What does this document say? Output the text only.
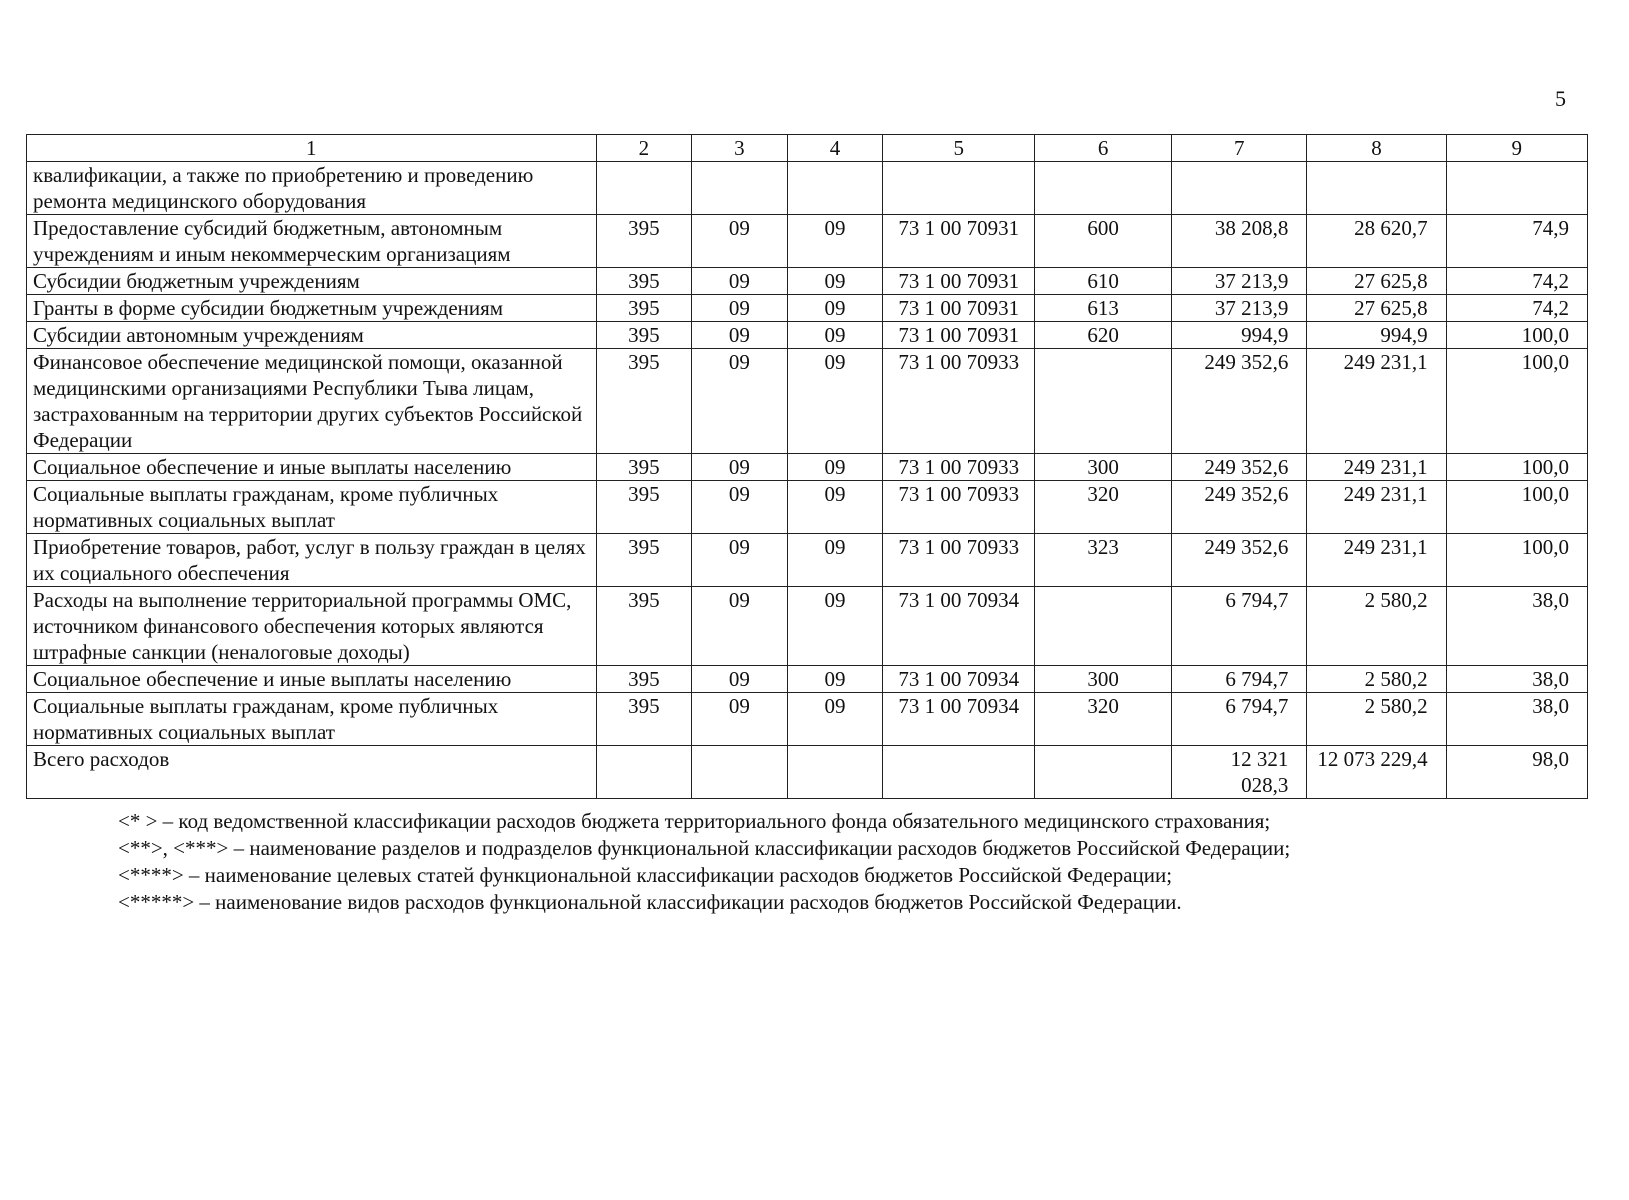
5
1	2	3	4	5	6	7	8	9
квалификации, а также по приобретению и проведению ремонта медицинского оборудования								
Предоставление субсидий бюджетным, автономным учреждениям и иным некоммерческим организациям	395	09	09	73 1 00 70931	600	38 208,8	28 620,7	74,9
Субсидии бюджетным учреждениям	395	09	09	73 1 00 70931	610	37 213,9	27 625,8	74,2
Гранты в форме субсидии бюджетным учреждениям	395	09	09	73 1 00 70931	613	37 213,9	27 625,8	74,2
Субсидии автономным учреждениям	395	09	09	73 1 00 70931	620	994,9	994,9	100,0
Финансовое обеспечение медицинской помощи, оказанной медицинскими организациями Республики Тыва лицам, застрахованным на территории других субъектов Российской Федерации	395	09	09	73 1 00 70933		249 352,6	249 231,1	100,0
Социальное обеспечение и иные выплаты населению	395	09	09	73 1 00 70933	300	249 352,6	249 231,1	100,0
Социальные выплаты гражданам, кроме публичных нормативных социальных выплат	395	09	09	73 1 00 70933	320	249 352,6	249 231,1	100,0
Приобретение товаров, работ, услуг в пользу граждан в целях их социального обеспечения	395	09	09	73 1 00 70933	323	249 352,6	249 231,1	100,0
Расходы на выполнение территориальной программы ОМС, источником финансового обеспечения которых являются штрафные санкции (неналоговые доходы)	395	09	09	73 1 00 70934		6 794,7	2 580,2	38,0
Социальное обеспечение и иные выплаты населению	395	09	09	73 1 00 70934	300	6 794,7	2 580,2	38,0
Социальные выплаты гражданам, кроме публичных нормативных социальных выплат	395	09	09	73 1 00 70934	320	6 794,7	2 580,2	38,0
Всего расходов						12 321 028,3	12 073 229,4	98,0
<* > – код ведомственной классификации расходов бюджета территориального фонда обязательного медицинского страхования;
<**>, <***> – наименование разделов и подразделов функциональной классификации расходов бюджетов Российской Федерации;
<****> – наименование целевых статей функциональной классификации расходов бюджетов Российской Федерации;
<*****> – наименование видов расходов функциональной классификации расходов бюджетов Российской Федерации.
